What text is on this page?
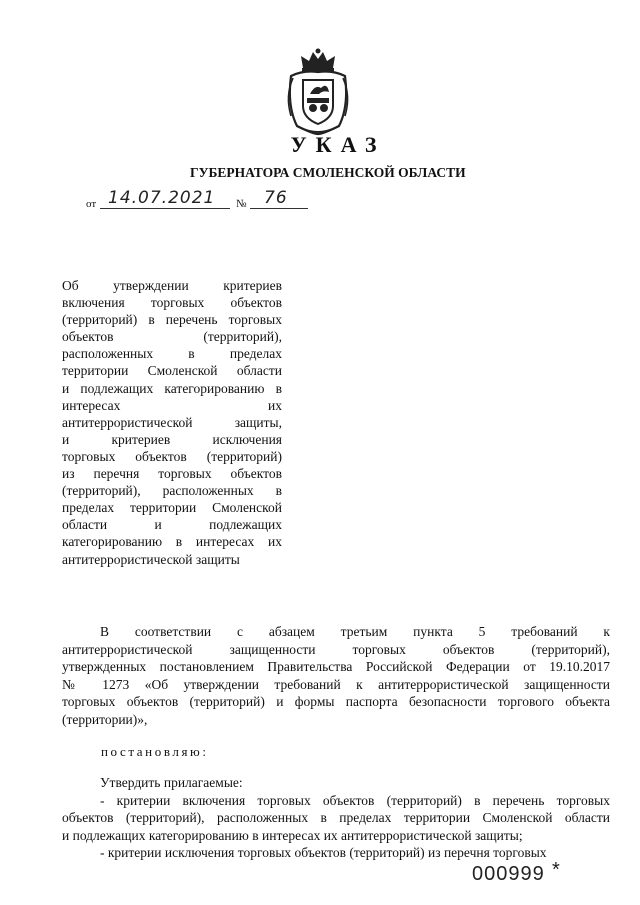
УКАЗ
ГУБЕРНАТОРА СМОЛЕНСКОЙ ОБЛАСТИ
от 14.07.2021 № 76
Об утверждении критериев
включения торговых объектов
(территорий) в перечень торговых
объектов (территорий),
расположенных в пределах
территории Смоленской области
и подлежащих категорированию в
интересах их
антитеррористической защиты,
и критериев исключения
торговых объектов (территорий)
из перечня торговых объектов
(территорий), расположенных в
пределах территории Смоленской
области и подлежащих
категорированию в интересах их
антитеррористической защиты
В соответствии с абзацем третьим пункта 5 требований к
антитеррористической защищенности торговых объектов (территорий),
утвержденных постановлением Правительства Российской Федерации от 19.10.2017
№ 1273 «Об утверждении требований к антитеррористической защищенности
торговых объектов (территорий) и формы паспорта безопасности торгового объекта
(территории)»,
постановляю:
Утвердить прилагаемые:
- критерии включения торговых объектов (территорий) в перечень торговых
объектов (территорий), расположенных в пределах территории Смоленской области
и подлежащих категорированию в интересах их антитеррористической защиты;
- критерии исключения торговых объектов (территорий) из перечня торговых
000999 *
